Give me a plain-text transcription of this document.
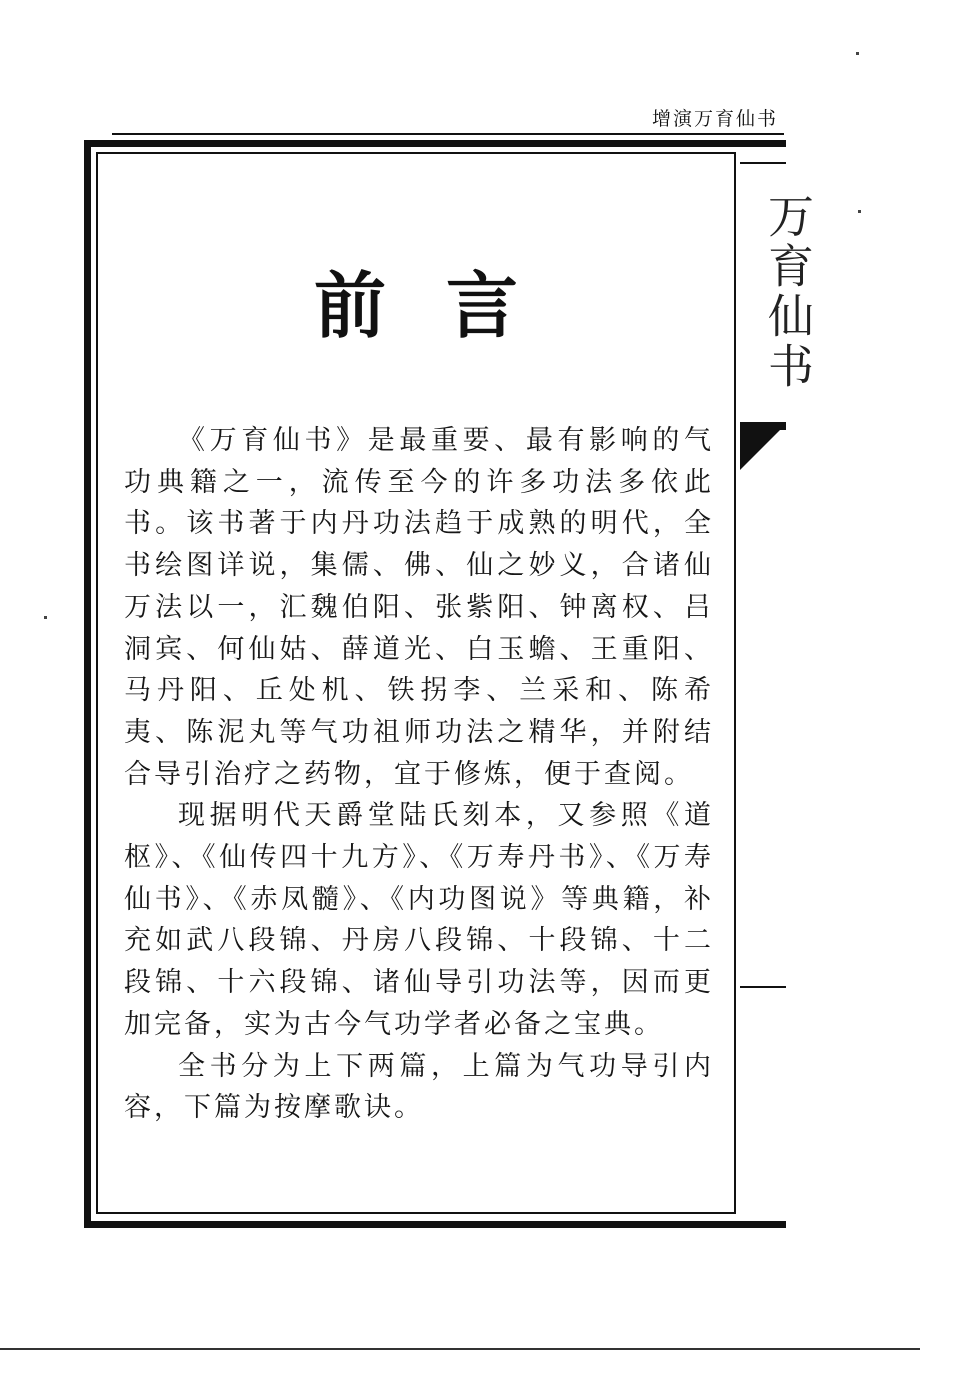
增演万育仙书
万育仙书
前言

《万育仙书》是最重要、最有影响的气功典籍之一，流传至今的许多功法多依此书。该书著于内丹功法趋于成熟的明代，全书绘图详说，集儒、佛、仙之妙义，合诸仙万法以一，汇魏伯阳、张紫阳、钟离权、吕洞宾、何仙姑、薛道光、白玉蟾、王重阳、马丹阳、丘处机、铁拐李、兰采和、陈希夷、陈泥丸等气功祖师功法之精华，并附结合导引治疗之药物，宜于修炼，便于查阅。

现据明代天爵堂陆氏刻本，又参照《道枢》、《仙传四十九方》、《万寿丹书》、《万寿仙书》、《赤凤髓》、《内功图说》等典籍，补充如武八段锦、丹房八段锦、十段锦、十二段锦、十六段锦、诸仙导引功法等，因而更加完备，实为古今气功学者必备之宝典。

全书分为上下两篇，上篇为气功导引内容，下篇为按摩歌诀。
